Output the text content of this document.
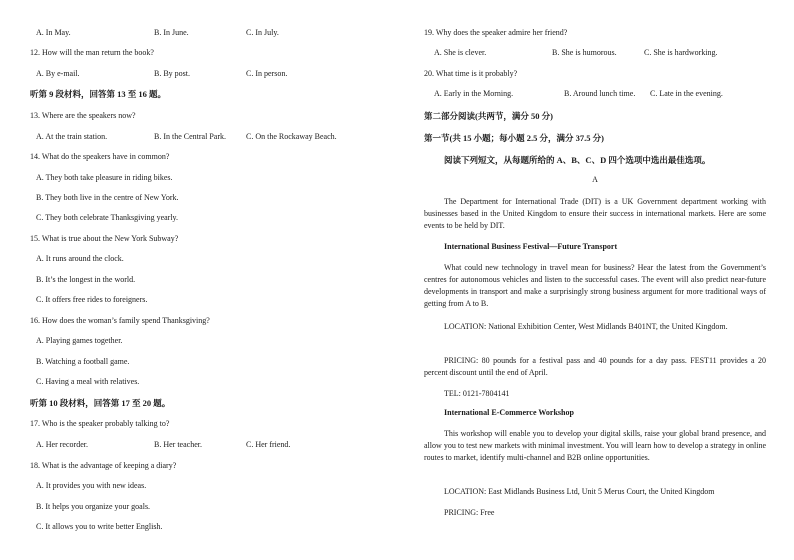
A. In May.	B. In June.	C. In July.
12. How will the man return the book?
A. By e-mail.	B. By post.	C. In person.
听第 9 段材料，回答第 13 至 16 题。
13. Where are the speakers now?
A. At the train station.	B. In the Central Park.	C. On the Rockaway Beach.
14. What do the speakers have in common?
A. They both take pleasure in riding bikes.
B. They both live in the centre of New York.
C. They both celebrate Thanksgiving yearly.
15. What is true about the New York Subway?
A. It runs around the clock.
B. It’s the longest in the world.
C. It offers free rides to foreigners.
16. How does the woman’s family spend Thanksgiving?
A. Playing games together.
B. Watching a football game.
C. Having a meal with relatives.
听第 10 段材料，回答第 17 至 20 题。
17. Who is the speaker probably talking to?
A. Her recorder.	B. Her teacher.	C. Her friend.
18. What is the advantage of keeping a diary?
A. It provides you with new ideas.
B. It helps you organize your goals.
C. It allows you to write better English.
19. Why does the speaker admire her friend?
A. She is clever.	B. She is humorous.	C. She is hardworking.
20. What time is it probably?
A. Early in the Morning.	B. Around lunch time. C. Late in the evening.
第二部分阅读(共两节，满分 50 分)
第一节(共 15 小题；每小题 2.5 分，满分 37.5 分)
阅读下列短文，从每题所给的 A、B、C、D 四个选项中选出最佳选项。
A
The Department for International Trade (DIT) is a UK Government department working with businesses based in the United Kingdom to ensure their success in international markets. Here are some events to be held by DIT.
International Business Festival—Future Transport
What could new technology in travel mean for business? Hear the latest from the Government’s centres for autonomous vehicles and listen to the successful cases. The event will also predict near-future developments in transport and make a surprisingly strong business argument for more traditional ways of getting from A to B.
LOCATION: National Exhibition Center, West Midlands B401NT, the United Kingdom.
PRICING: 80 pounds for a festival pass and 40 pounds for a day pass. FEST11 provides a 20 percent discount until the end of April.
TEL: 0121-7804141
International E-Commerce Workshop
This workshop will enable you to develop your digital skills, raise your global brand presence, and allow you to test new markets with minimal investment. You will learn how to develop a strategy in online routes to market, identify multi-channel and B2B online opportunities.
LOCATION: East Midlands Business Ltd, Unit 5 Merus Court, the United Kingdom
PRICING: Free
